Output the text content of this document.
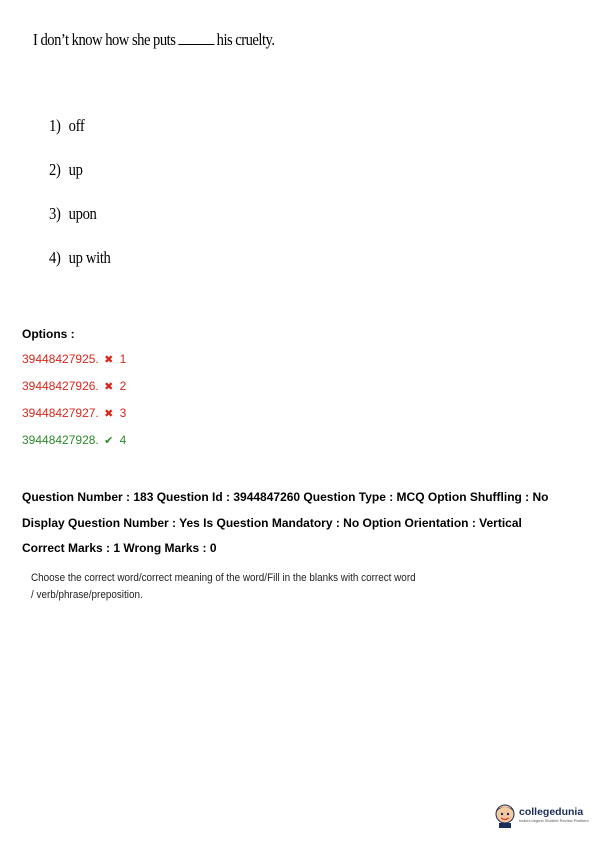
I don’t know how she puts his cruelty.
1) off
2) up
3) upon
4) up with
Options :
39448427925. ✖ 1
39448427926. ✖ 2
39448427927. ✖ 3
39448427928. ✔ 4
Question Number : 183 Question Id : 3944847260 Question Type : MCQ Option Shuffling : No
Display Question Number : Yes Is Question Mandatory : No Option Orientation : Vertical
Correct Marks : 1 Wrong Marks : 0
Choose the correct word/correct meaning of the word/Fill in the blanks with correct word / verb/phrase/preposition.
collegedunia
India's largest Student Review Platform
